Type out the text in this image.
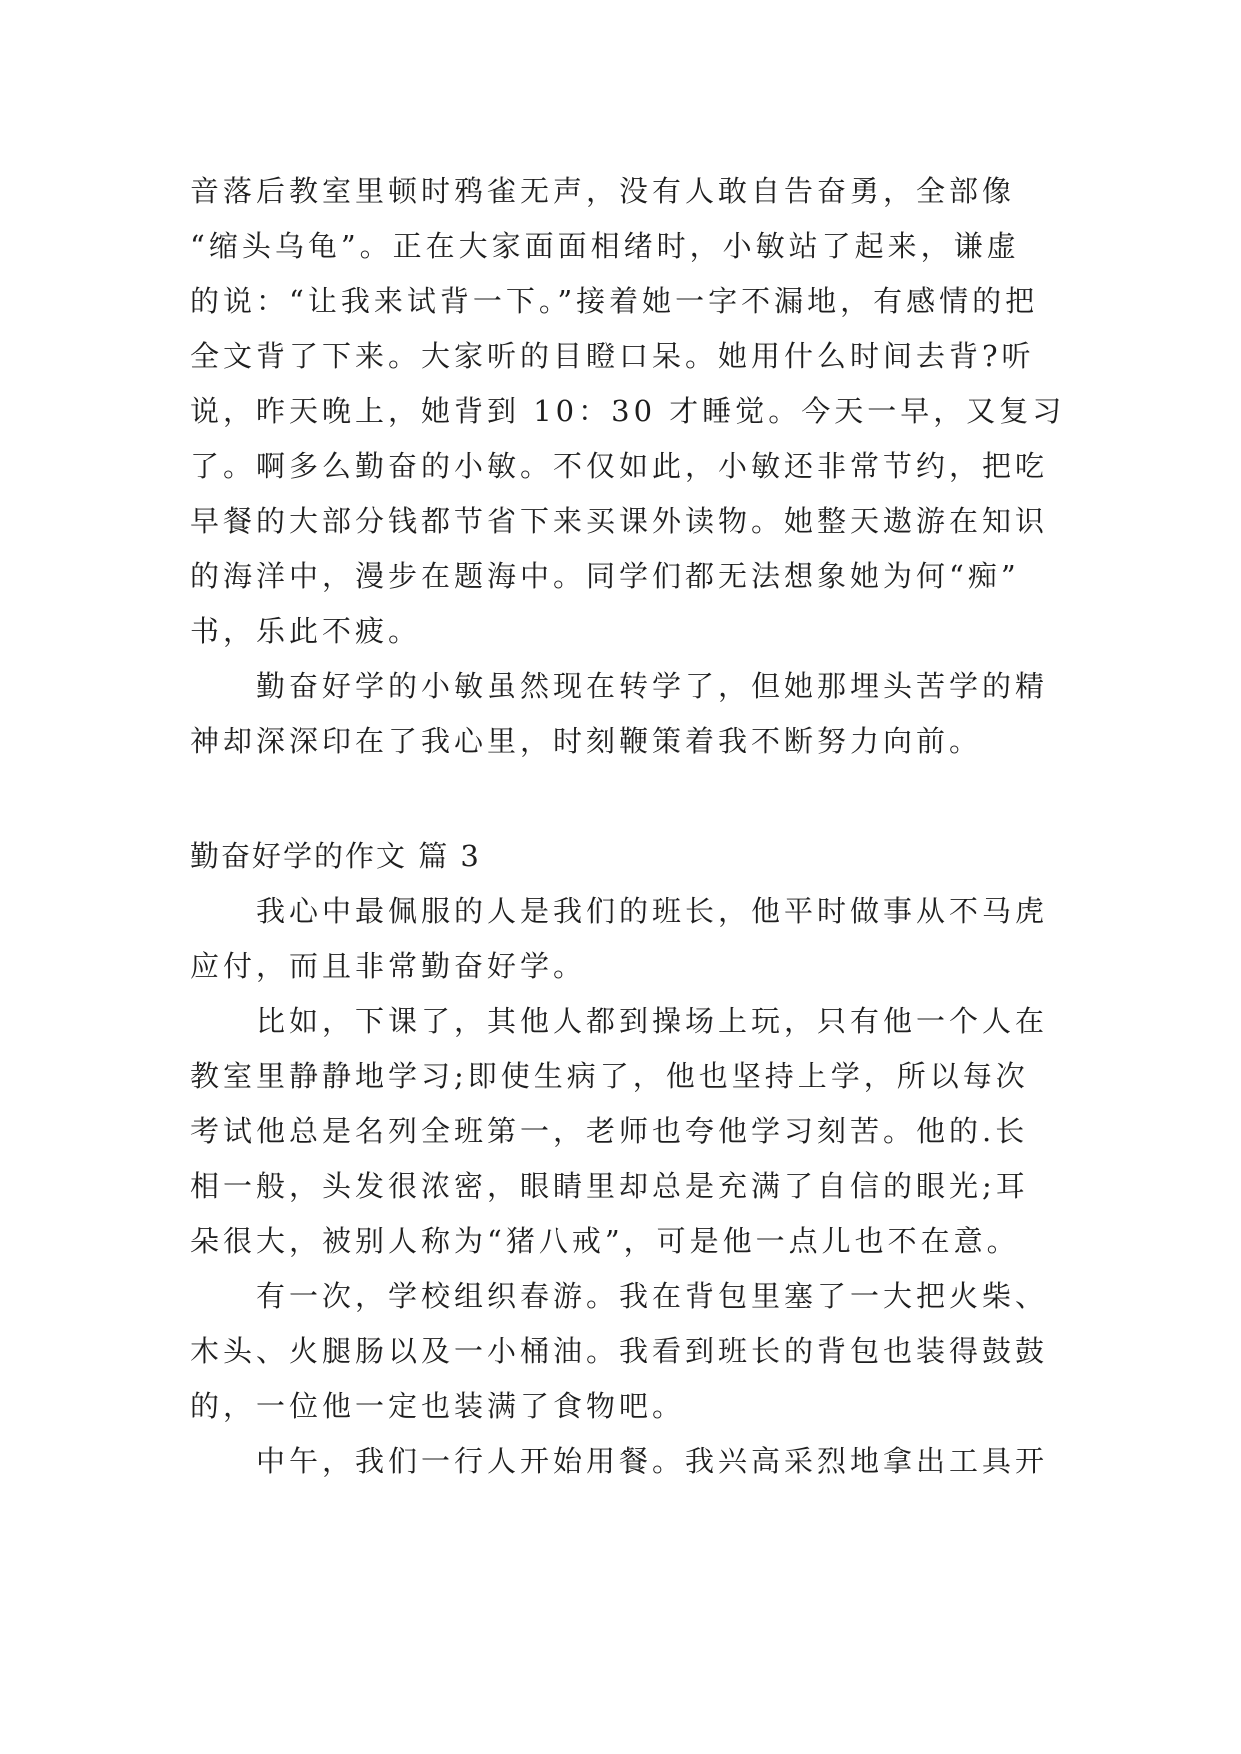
音落后教室里顿时鸦雀无声，没有人敢自告奋勇，全部像
“缩头乌龟”。正在大家面面相绪时，小敏站了起来，谦虚
的说：“让我来试背一下。”接着她一字不漏地，有感情的把
全文背了下来。大家听的目瞪口呆。她用什么时间去背?听
说，昨天晚上，她背到 10：30 才睡觉。今天一早，又复习
了。啊多么勤奋的小敏。不仅如此，小敏还非常节约，把吃
早餐的大部分钱都节省下来买课外读物。她整天遨游在知识
的海洋中，漫步在题海中。同学们都无法想象她为何“痴”
书，乐此不疲。
勤奋好学的小敏虽然现在转学了，但她那埋头苦学的精
神却深深印在了我心里，时刻鞭策着我不断努力向前。
勤奋好学的作文 篇 3
我心中最佩服的人是我们的班长，他平时做事从不马虎
应付，而且非常勤奋好学。
比如，下课了，其他人都到操场上玩，只有他一个人在
教室里静静地学习;即使生病了，他也坚持上学，所以每次
考试他总是名列全班第一，老师也夸他学习刻苦。他的.长
相一般，头发很浓密，眼睛里却总是充满了自信的眼光;耳
朵很大，被别人称为“猪八戒”，可是他一点儿也不在意。
有一次，学校组织春游。我在背包里塞了一大把火柴、
木头、火腿肠以及一小桶油。我看到班长的背包也装得鼓鼓
的，一位他一定也装满了食物吧。
中午，我们一行人开始用餐。我兴高采烈地拿出工具开
